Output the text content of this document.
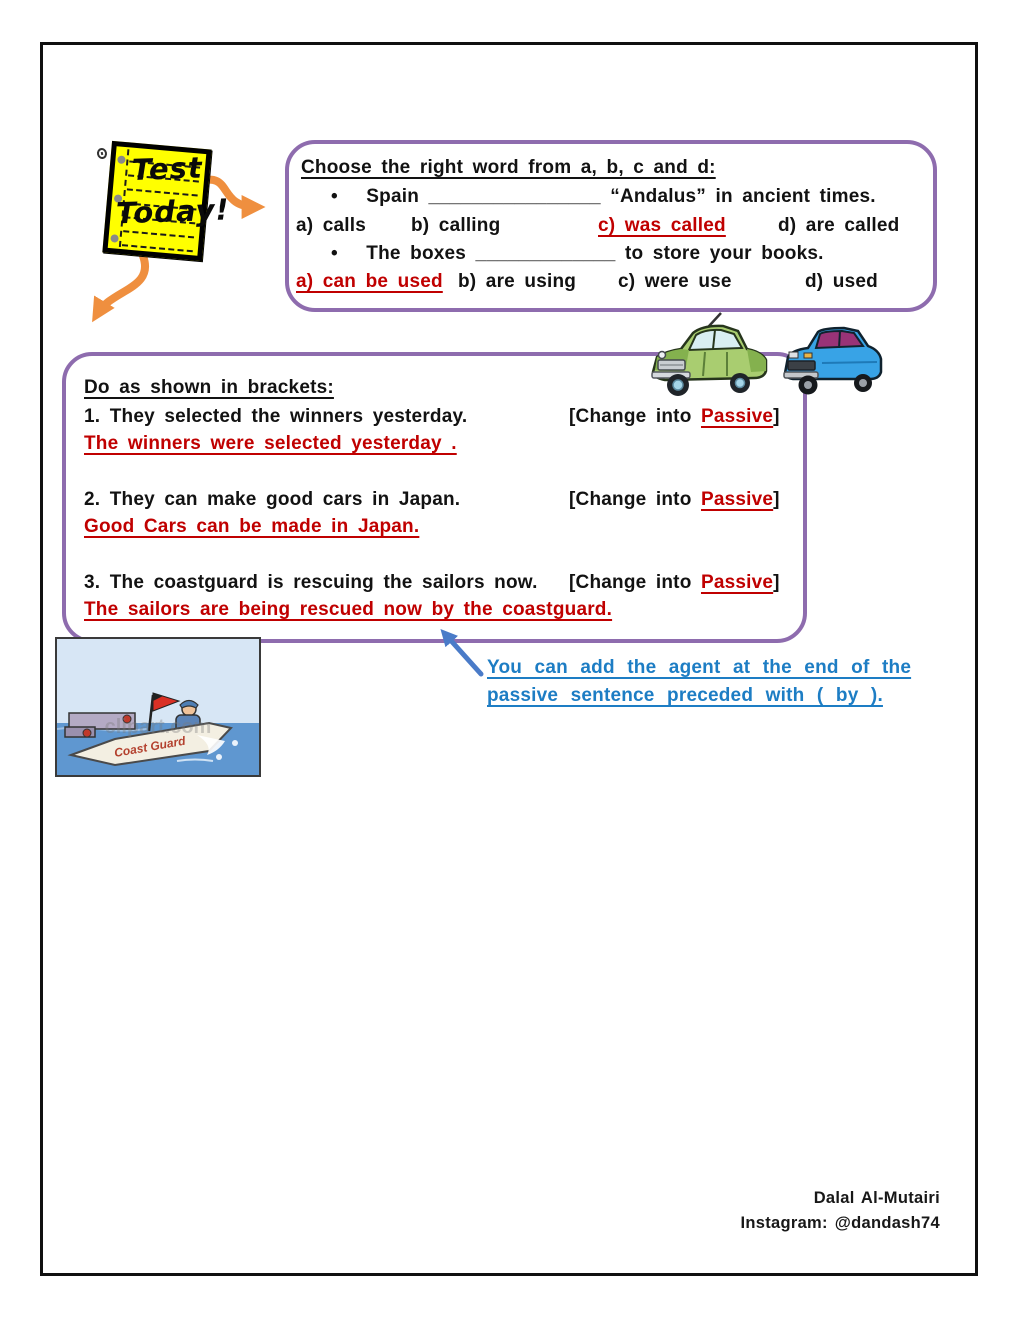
Choose the right word from a, b, c and d:
• Spain ________________ “Andalus” in ancient times.
a) calls b) calling	c) was called	d) are called
• The boxes _____________ to store your books.
a) can be used b) are using c) were use	d) used
Do as shown in brackets:
1. They selected the winners yesterday.	[Change into Passive]
The winners were selected yesterday .
2. They can make good cars in Japan.	[Change into Passive]
Good Cars can be made in Japan.
3. The coastguard is rescuing the sailors now. [Change into Passive]
The sailors are being rescued now by the coastguard.
You can add the agent at the end of the
passive sentence preceded with ( by ).
Coast Guard
clipart.com
Test
Today!
Dalal Al-Mutairi
Instagram: @dandash74
